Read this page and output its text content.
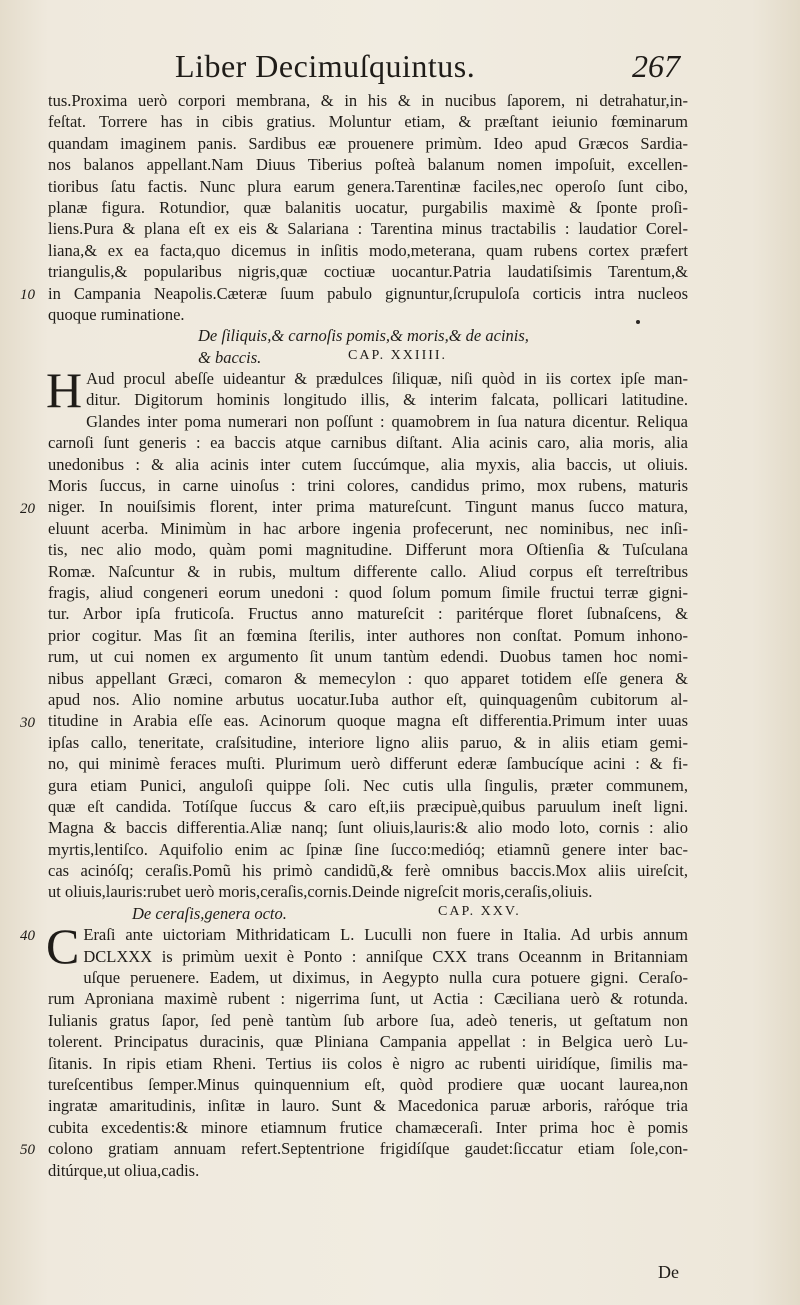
Liber Decimuſquintus.	267
10
20
30
40
50
tus.Proxima uerò corpori membrana, & in his & in nucibus ſaporem, ni detrahatur,in-
feſtat. Torrere has in cibis gratius. Moluntur etiam, & præſtant ieiunio fœminarum
quandam imaginem panis. Sardibus eæ prouenere primùm. Ideo apud Græcos Sardia-
nos balanos appellant.Nam Diuus Tiberius poſteà balanum nomen impoſuit, excellen-
tioribus ſatu factis. Nunc plura earum genera.Tarentinæ faciles,nec operoſo ſunt cibo,
planæ figura. Rotundior, quæ balanitis uocatur, purgabilis maximè & ſponte proſi-
liens.Pura & plana eſt ex eis & Salariana : Tarentina minus tractabilis : laudatior Corel-
liana,& ex ea facta,quo dicemus in inſitis modo,meterana, quam rubens cortex præfert
triangulis,& popularibus nigris,quæ coctiuæ uocantur.Patria laudatiſsimis Tarentum,&
in Campania Neapolis.Cæteræ ſuum pabulo gignuntur,ſcrupuloſa corticis intra nucleos
quoque ruminatione.
De ſiliquis,& carnoſis pomis,& moris,& de acinis,
& baccis.	CAP. XXIIII.
H Aud procul abeſſe uideantur & prædulces ſiliquæ, niſi quòd in iis cortex ipſe man-
ditur. Digitorum hominis longitudo illis, & interim falcata, pollicari latitudine.
Glandes inter poma numerari non poſſunt : quamobrem in ſua natura dicentur. Reliqua
carnoſi ſunt generis : ea baccis atque carnibus diſtant. Alia acinis caro, alia moris, alia
unedonibus : & alia acinis inter cutem ſuccúmque, alia myxis, alia baccis, ut oliuis.
Moris ſuccus, in carne uinoſus : trini colores, candidus primo, mox rubens, maturis
niger. In nouiſsimis florent, inter prima matureſcunt. Tingunt manus ſucco matura,
eluunt acerba. Minimùm in hac arbore ingenia profecerunt, nec nominibus, nec inſi-
tis, nec alio modo, quàm pomi magnitudine. Differunt mora Oſtienſia & Tuſculana
Romæ. Naſcuntur & in rubis, multum differente callo. Aliud corpus eſt terreſtribus
fragis, aliud congeneri eorum unedoni : quod ſolum pomum ſimile fructui terræ gigni-
tur. Arbor ipſa fruticoſa. Fructus anno matureſcit : paritérque floret ſubnaſcens, &
prior cogitur. Mas ſit an fœmina ſterilis, inter authores non conſtat. Pomum inhono-
rum, ut cui nomen ex argumento ſit unum tantùm edendi. Duobus tamen hoc nomi-
nibus appellant Græci, comaron & memecylon : quo apparet totidem eſſe genera &
apud nos. Alio nomine arbutus uocatur.Iuba author eſt, quinquagenûm cubitorum al-
titudine in Arabia eſſe eas. Acinorum quoque magna eſt differentia.Primum inter uuas
ipſas callo, teneritate, craſsitudine, interiore ligno aliis paruo, & in aliis etiam gemi-
no, qui minimè feraces muſti. Plurimum uerò differunt ederæ ſambucíque acini : & fi-
gura etiam Punici, anguloſi quippe ſoli. Nec cutis ulla ſingulis, præter communem,
quæ eſt candida. Totíſque ſuccus & caro eſt,iis præcipuè,quibus paruulum ineſt ligni.
Magna & baccis differentia.Aliæ nanq; ſunt oliuis,lauris:& alio modo loto, cornis : alio
myrtis,lentiſco. Aquifolio enim ac ſpinæ ſine ſucco:medióq; etiamnũ genere inter bac-
cas acinóſq; ceraſis.Pomũ his primò candidũ,& ferè omnibus baccis.Mox aliis uireſcit,
ut oliuis,lauris:rubet uerò moris,ceraſis,cornis.Deinde nigreſcit moris,ceraſis,oliuis.
De ceraſis,genera octo.	CAP. XXV.
C Eraſi ante uictoriam Mithridaticam L. Luculli non fuere in Italia. Ad urbis annum
DCLXXX is primùm uexit è Ponto : anniſque CXX trans Oceannm in Britanniam
uſque peruenere. Eadem, ut diximus, in Aegypto nulla cura potuere gigni. Ceraſo-
rum Aproniana maximè rubent : nigerrima ſunt, ut Actia : Cæciliana uerò & rotunda.
Iulianis gratus ſapor, ſed penè tantùm ſub arbore ſua, adeò teneris, ut geſtatum non
tolerent. Principatus duracinis, quæ Pliniana Campania appellat : in Belgica uerò Lu-
ſitanis. In ripis etiam Rheni. Tertius iis colos è nigro ac rubenti uiridíque, ſimilis ma-
tureſcentibus ſemper.Minus quinquennium eſt, quòd prodiere quæ uocant laurea,non
ingratæ amaritudinis, inſitæ in lauro. Sunt & Macedonica paruæ arboris, ra̕róque tria
cubita excedentis:& minore etiamnum frutice chamæceraſi. Inter prima hoc è pomis
colono gratiam annuam refert.Septentrione frigidíſque gaudet:ſiccatur etiam ſole,con-
ditúrque,ut oliua,cadis.
De
